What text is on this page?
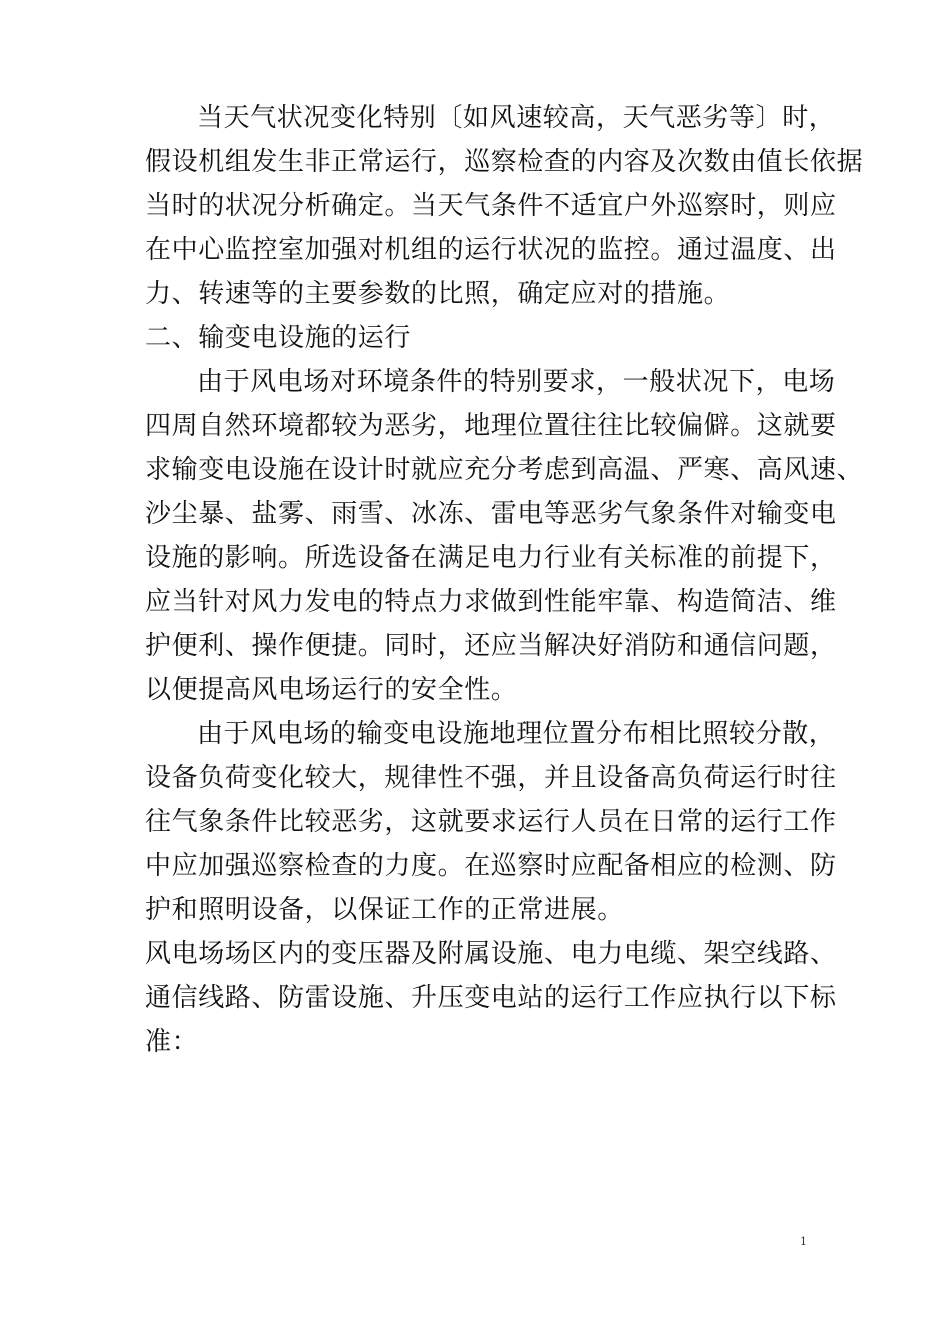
当天气状况变化特别〔如风速较高，天气恶劣等〕时，
假设机组发生非正常运行，巡察检查的内容及次数由值长依据
当时的状况分析确定。当天气条件不适宜户外巡察时，则应
在中心监控室加强对机组的运行状况的监控。通过温度、出
力、转速等的主要参数的比照，确定应对的措施。
二、输变电设施的运行
由于风电场对环境条件的特别要求，一般状况下，电场
四周自然环境都较为恶劣，地理位置往往比较偏僻。这就要
求输变电设施在设计时就应充分考虑到高温、严寒、高风速、
沙尘暴、盐雾、雨雪、冰冻、雷电等恶劣气象条件对输变电
设施的影响。所选设备在满足电力行业有关标准的前提下，
应当针对风力发电的特点力求做到性能牢靠、构造简洁、维
护便利、操作便捷。同时，还应当解决好消防和通信问题，
以便提高风电场运行的安全性。
由于风电场的输变电设施地理位置分布相比照较分散，
设备负荷变化较大，规律性不强，并且设备高负荷运行时往
往气象条件比较恶劣，这就要求运行人员在日常的运行工作
中应加强巡察检查的力度。在巡察时应配备相应的检测、防
护和照明设备，以保证工作的正常进展。
风电场场区内的变压器及附属设施、电力电缆、架空线路、
通信线路、防雷设施、升压变电站的运行工作应执行以下标
准：
1
